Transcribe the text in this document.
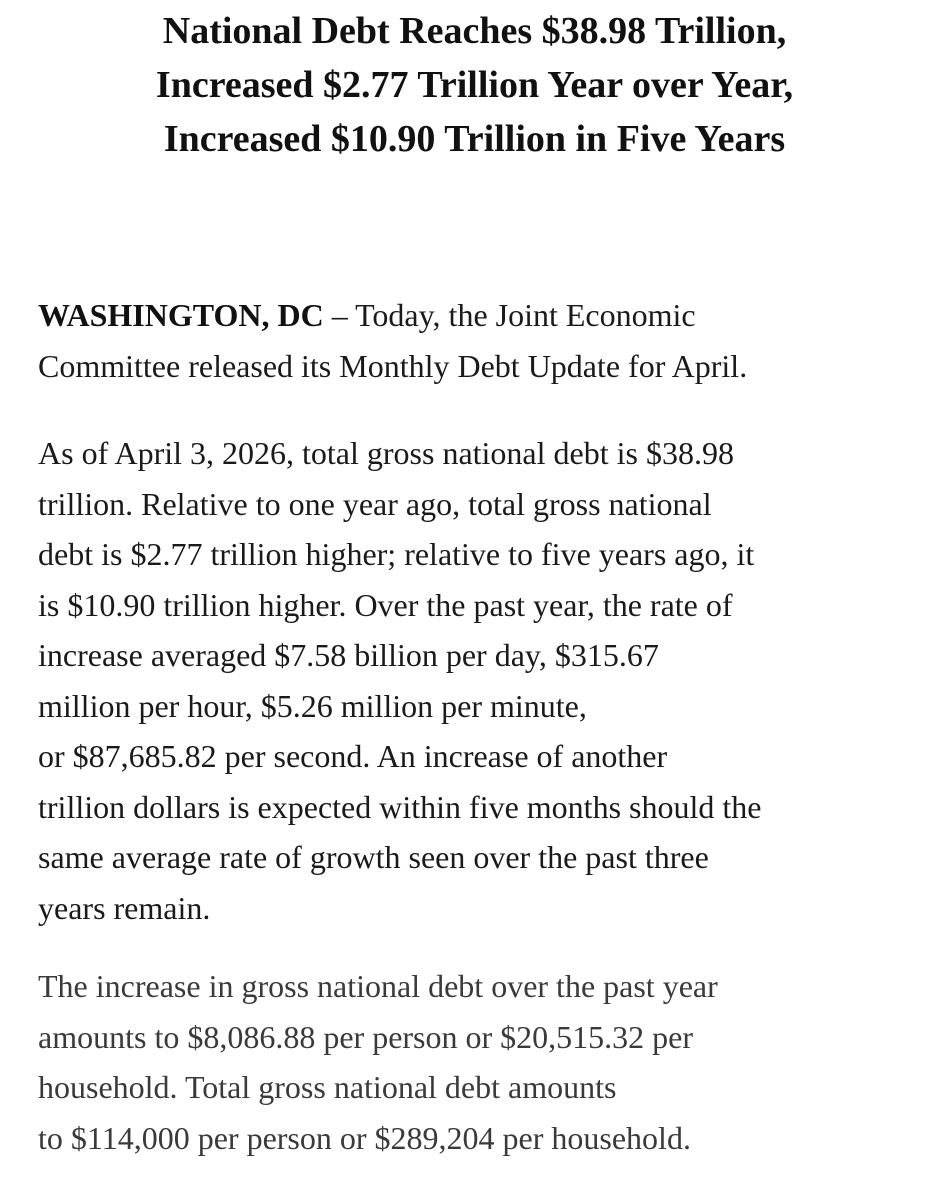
National Debt Reaches $38.98 Trillion,
Increased $2.77 Trillion Year over Year,
Increased $10.90 Trillion in Five Years
WASHINGTON, DC – Today, the Joint Economic
Committee released its Monthly Debt Update for April.
As of April 3, 2026, total gross national debt is $38.98
trillion. Relative to one year ago, total gross national
debt is $2.77 trillion higher; relative to five years ago, it
is $10.90 trillion higher. Over the past year, the rate of
increase averaged $7.58 billion per day, $315.67
million per hour, $5.26 million per minute,
or $87,685.82 per second. An increase of another
trillion dollars is expected within five months should the
same average rate of growth seen over the past three
years remain.
The increase in gross national debt over the past year
amounts to $8,086.88 per person or $20,515.32 per
household. Total gross national debt amounts
to $114,000 per person or $289,204 per household.
